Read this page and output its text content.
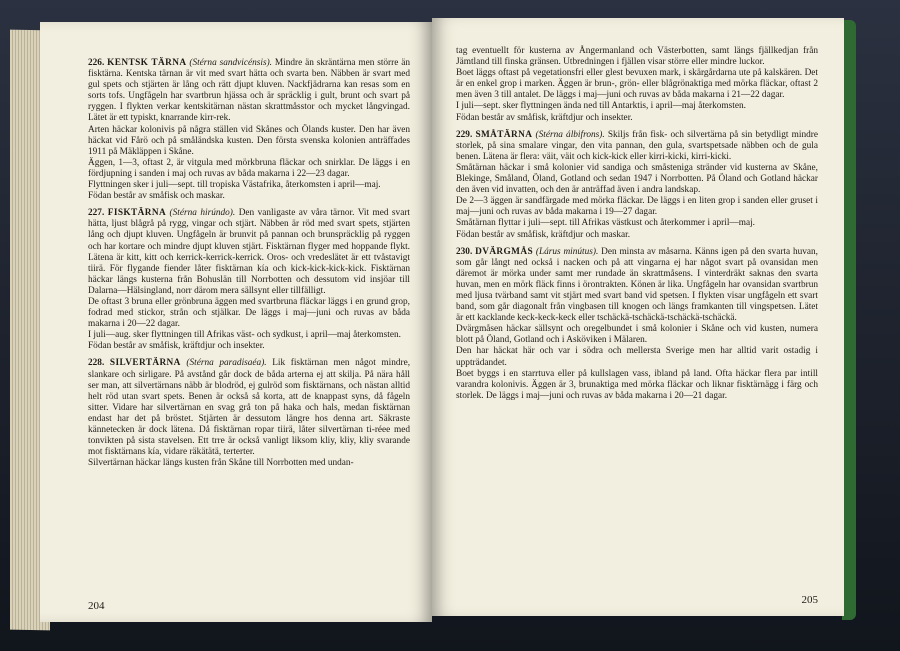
226. KENTSK TÄRNA (Stérna sandvicénsis). Mindre än skräntärna men större än fisktärna. Kentska tärnan är vit med svart hätta och svarta ben. Näbben är svart med gul spets och stjärten är lång och rätt djupt kluven. Nackfjädrarna kan resas som en sorts tofs. Ungfågeln har svartbrun hjässa och är spräcklig i gult, brunt och svart på ryggen. I flykten verkar kentskitärnan nästan skrattmåsstor och mycket långvingad. Lätet är ett typiskt, knarrande kirr-rek.
Arten häckar kolonivis på några ställen vid Skånes och Ölands kuster. Den har även häckat vid Fårö och på småländska kusten. Den första svenska kolonien anträffades 1911 på Mäkläppen i Skåne.
Äggen, 1—3, oftast 2, är vitgula med mörkbruna fläckar och snirklar. De läggs i en fördjupning i sanden i maj och ruvas av båda makarna i 22—23 dagar.
Flyttningen sker i juli—sept. till tropiska Västafrika, återkomsten i april—maj.
Födan består av småfisk och maskar.
227. FISKTÄRNA (Stérna hirúndo). Den vanligaste av våra tärnor. Vit med svart hätta, ljust blågrå på rygg, vingar och stjärt. Näbben är röd med svart spets, stjärten lång och djupt kluven. Ungfågeln är brunvit på pannan och brunspräcklig på ryggen och har kortare och mindre djupt kluven stjärt. Fisktärnan flyger med hoppande flykt. Lätena är kitt, kitt och kerrick-kerrick-kerrick. Oros- och vredeslätet är ett tvåstavigt tiirä. För flygande fiender låter fisktärnan kía och kick-kick-kick-kick. Fisktärnan häckar längs kusterna från Bohuslän till Norrbotten och dessutom vid insjöar till Dalarna—Hälsingland, norr därom mera sällsynt eller tillfälligt.
De oftast 3 bruna eller grönbruna äggen med svartbruna fläckar läggs i en grund grop, fodrad med stickor, strån och stjälkar. De läggs i maj—juni och ruvas av båda makarna i 20—22 dagar.
I juli—aug. sker flyttningen till Afrikas väst- och sydkust, i april—maj återkomsten.
Födan består av småfisk, kräftdjur och insekter.
228. SILVERTÄRNA (Stérna paradisaéa). Lik fisktärnan men något mindre, slankare och sirligare. På avstånd går dock de båda arterna ej att skilja. På nära håll ser man, att silvertärnans näbb är blodröd, ej gulröd som fisktärnans, och nästan alltid helt röd utan svart spets. Benen är också så korta, att de knappast syns, då fågeln sitter. Vidare har silvertärnan en svag grå ton på haka och hals, medan fisktärnan endast har det på bröstet. Stjärten är dessutom längre hos denna art. Säkraste kännetecken är dock lätena. Då fisktärnan ropar tiirä, låter silvertärnan ti-réee med tonvikten på sista stavelsen. Ett trre är också vanligt liksom kliy, kliy, kliy svarande mot fisktärnans kía, vidare räkätätä, terterter.
Silvertärnan häckar längs kusten från Skåne till Norrbotten med undan-
204
tag eventuellt för kusterna av Ångermanland och Västerbotten, samt längs fjällkedjan från Jämtland till finska gränsen. Utbredningen i fjällen visar större eller mindre luckor.
Boet läggs oftast på vegetationsfri eller glest bevuxen mark, i skärgårdarna ute på kalskären. Det är en enkel grop i marken. Äggen är brun-, grön- eller blågrönaktiga med mörka fläckar, oftast 2 men även 3 till antalet. De läggs i maj—juni och ruvas av båda makarna i 21—22 dagar.
I juli—sept. sker flyttningen ända ned till Antarktis, i april—maj återkomsten.
Födan består av småfisk, kräftdjur och insekter.
229. SMÅTÄRNA (Stérna álbifrons). Skiljs från fisk- och silvertärna på sin betydligt mindre storlek, på sina smalare vingar, den vita pannan, den gula, svartspetsade näbben och de gula benen. Lätena är flera: väit, väit och kick-kick eller kirri-kicki, kirri-kicki.
Småtärnan häckar i små kolonier vid sandiga och småsteniga stränder vid kusterna av Skåne, Blekinge, Småland, Öland, Gotland och sedan 1947 i Norrbotten. På Öland och Gotland häckar den även vid invatten, och den är anträffad även i andra landskap.
De 2—3 äggen är sandfärgade med mörka fläckar. De läggs i en liten grop i sanden eller gruset i maj—juni och ruvas av båda makarna i 19—27 dagar.
Småtärnan flyttar i juli—sept. till Afrikas västkust och återkommer i april—maj.
Födan består av småfisk, kräftdjur och maskar.
230. DVÄRGMÅS (Lárus minútus). Den minsta av måsarna. Känns igen på den svarta huvan, som går långt ned också i nacken och på att vingarna ej har något svart på ovansidan men däremot är mörka under samt mer rundade än skrattmåsens. I vinterdräkt saknas den svarta huvan, men en mörk fläck finns i örontrakten. Könen är lika. Ungfågeln har ovansidan svartbrun med ljusa tvärband samt vit stjärt med svart band vid spetsen. I flykten visar ungfågeln ett svart band, som går diagonalt från vingbasen till knogen och längs framkanten till vingspetsen. Lätet är ett kacklande keck-keck-keck eller tschäckä-tschäckä-tschäckä-tschäckä.
Dvärgmåsen häckar sällsynt och oregelbundet i små kolonier i Skåne och vid kusten, numera blott på Öland, Gotland och i Asköviken i Mälaren.
Den har häckat här och var i södra och mellersta Sverige men har alltid varit ostadig i uppträdandet.
Boet byggs i en starrtuva eller på kullslagen vass, ibland på land. Ofta häckar flera par intill varandra kolonivis. Äggen är 3, brunaktiga med mörka fläckar och liknar fisktärnägg i färg och storlek. De läggs i maj—juni och ruvas av båda makarna i 20—21 dagar.
205
